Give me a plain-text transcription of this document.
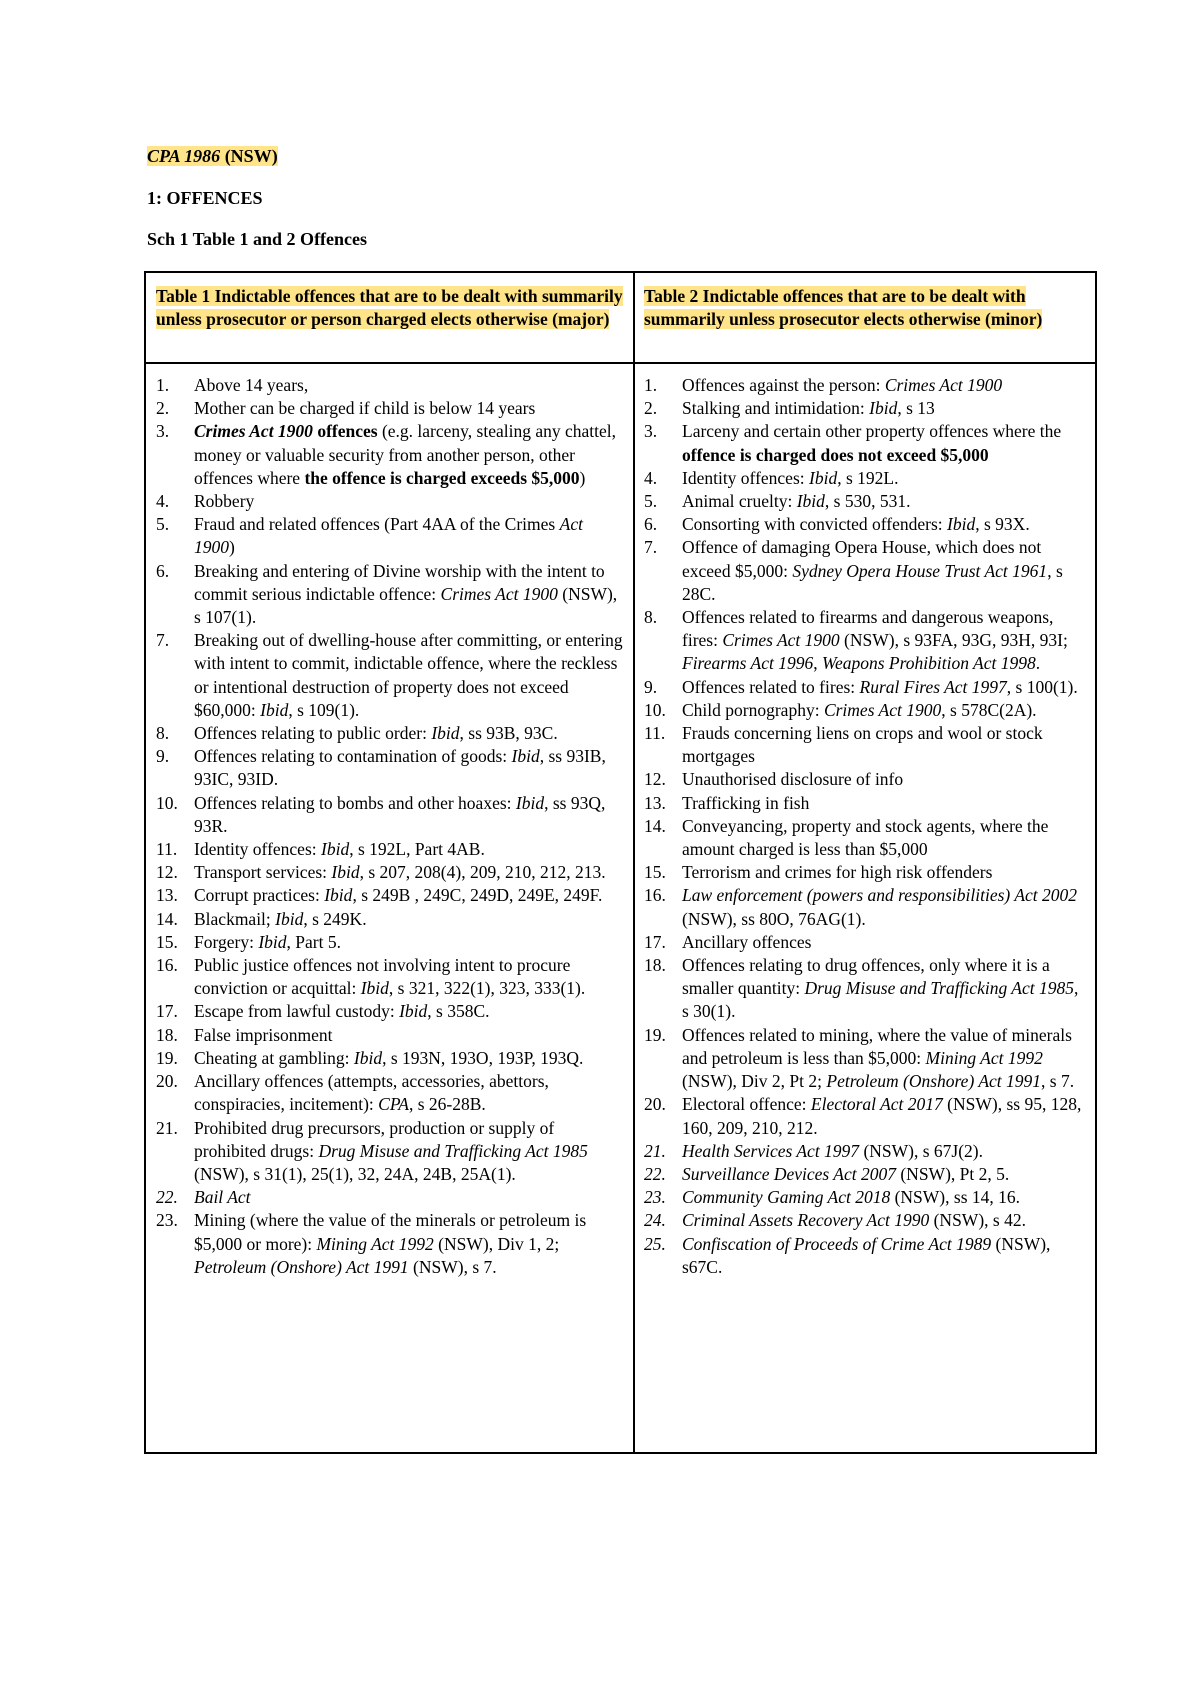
CPA 1986 (NSW)
1: OFFENCES
Sch 1 Table 1 and 2 Offences
Table 1 Indictable offences that are to be dealt with summarily unless prosecutor or person charged elects otherwise (major)
Table 2 Indictable offences that are to be dealt with summarily unless prosecutor elects otherwise (minor)
1.	Above 14 years,
2.	Mother can be charged if child is below 14 years
3.	Crimes Act 1900 offences (e.g. larceny, stealing any chattel, money or valuable security from another person, other offences where the offence is charged exceeds $5,000)
4.	Robbery
5.	Fraud and related offences (Part 4AA of the Crimes Act 1900)
6.	Breaking and entering of Divine worship with the intent to commit serious indictable offence: Crimes Act 1900 (NSW), s 107(1).
7.	Breaking out of dwelling-house after committing, or entering with intent to commit, indictable offence, where the reckless or intentional destruction of property does not exceed $60,000: Ibid, s 109(1).
8.	Offences relating to public order: Ibid, ss 93B, 93C.
9.	Offences relating to contamination of goods: Ibid, ss 93IB, 93IC, 93ID.
10. Offences relating to bombs and other hoaxes: Ibid, ss 93Q, 93R.
11. Identity offences: Ibid, s 192L, Part 4AB.
12. Transport services: Ibid, s 207, 208(4), 209, 210, 212, 213.
13. Corrupt practices: Ibid, s 249B , 249C, 249D, 249E, 249F.
14. Blackmail; Ibid, s 249K.
15. Forgery: Ibid, Part 5.
16. Public justice offences not involving intent to procure conviction or acquittal: Ibid, s 321, 322(1), 323, 333(1).
17. Escape from lawful custody: Ibid, s 358C.
18. False imprisonment
19. Cheating at gambling: Ibid, s 193N, 193O, 193P, 193Q.
20. Ancillary offences (attempts, accessories, abettors, conspiracies, incitement): CPA, s 26-28B.
21. Prohibited drug precursors, production or supply of prohibited drugs: Drug Misuse and Trafficking Act 1985 (NSW), s 31(1), 25(1), 32, 24A, 24B, 25A(1).
22. Bail Act
23. Mining (where the value of the minerals or petroleum is $5,000 or more): Mining Act 1992 (NSW), Div 1, 2; Petroleum (Onshore) Act 1991 (NSW), s 7.
1.	Offences against the person: Crimes Act 1900
2.	Stalking and intimidation: Ibid, s 13
3.	Larceny and certain other property offences where the offence is charged does not exceed $5,000
4.	Identity offences: Ibid, s 192L.
5.	Animal cruelty: Ibid, s 530, 531.
6.	Consorting with convicted offenders: Ibid, s 93X.
7.	Offence of damaging Opera House, which does not exceed $5,000: Sydney Opera House Trust Act 1961, s 28C.
8.	Offences related to firearms and dangerous weapons, fires: Crimes Act 1900 (NSW), s 93FA, 93G, 93H, 93I; Firearms Act 1996, Weapons Prohibition Act 1998.
9.	Offences related to fires: Rural Fires Act 1997, s 100(1).
10. Child pornography: Crimes Act 1900, s 578C(2A).
11. Frauds concerning liens on crops and wool or stock mortgages
12. Unauthorised disclosure of info
13. Trafficking in fish
14. Conveyancing, property and stock agents, where the amount charged is less than $5,000
15. Terrorism and crimes for high risk offenders
16. Law enforcement (powers and responsibilities) Act 2002 (NSW), ss 80O, 76AG(1).
17. Ancillary offences
18. Offences relating to drug offences, only where it is a smaller quantity: Drug Misuse and Trafficking Act 1985, s 30(1).
19. Offences related to mining, where the value of minerals and petroleum is less than $5,000: Mining Act 1992 (NSW), Div 2, Pt 2; Petroleum (Onshore) Act 1991, s 7.
20. Electoral offence: Electoral Act 2017 (NSW), ss 95, 128, 160, 209, 210, 212.
21. Health Services Act 1997 (NSW), s 67J(2).
22. Surveillance Devices Act 2007 (NSW), Pt 2, 5.
23. Community Gaming Act 2018 (NSW), ss 14, 16.
24. Criminal Assets Recovery Act 1990 (NSW), s 42.
25. Confiscation of Proceeds of Crime Act 1989 (NSW), s67C.
